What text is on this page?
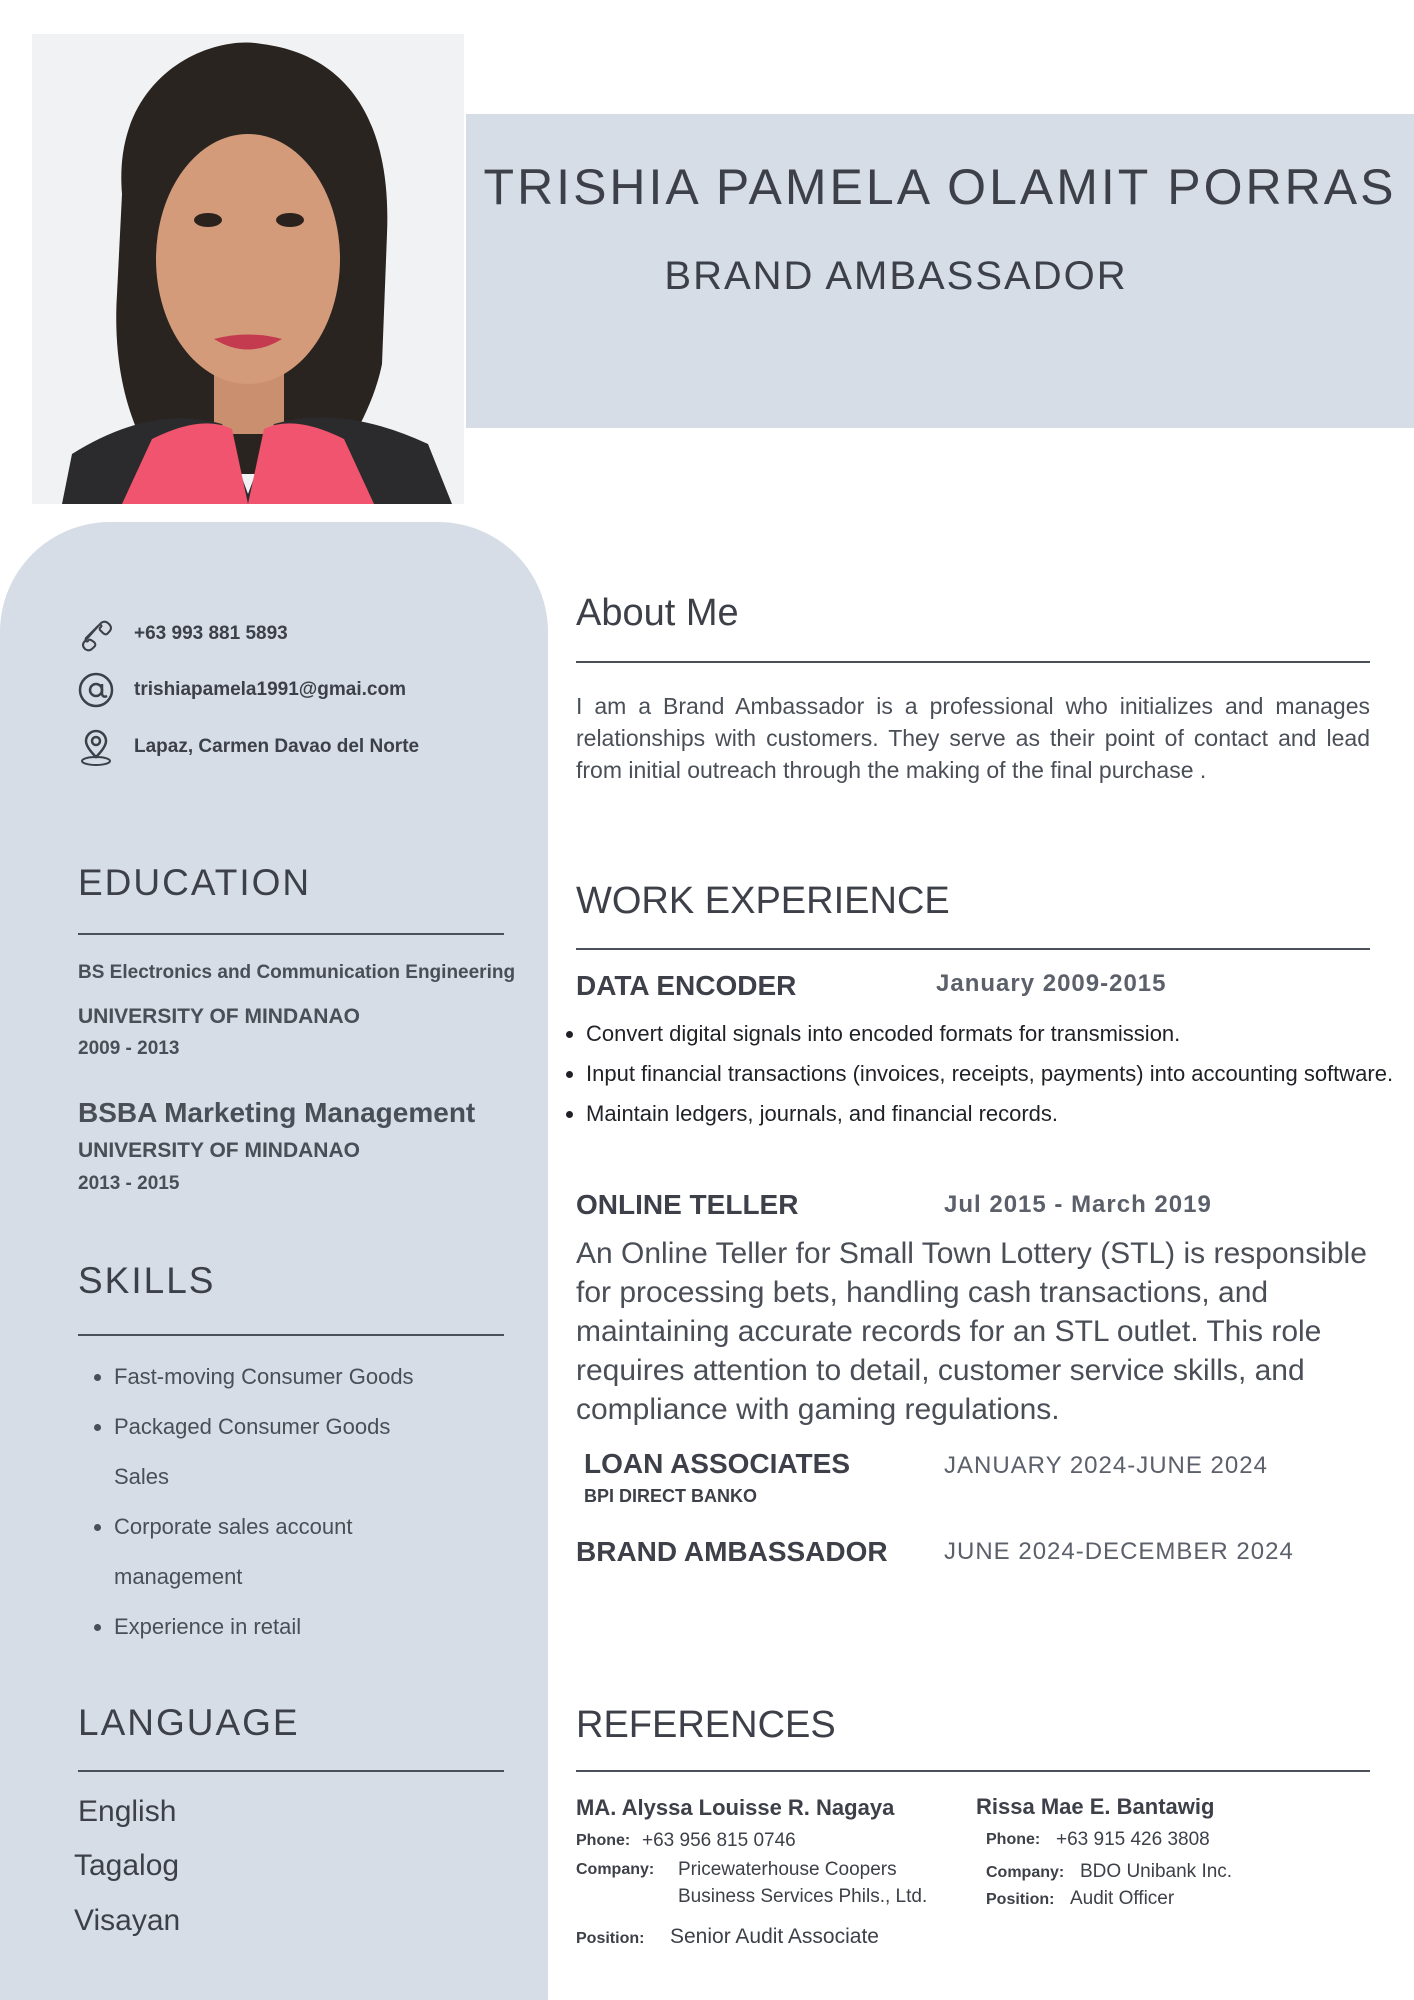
TRISHIA PAMELA OLAMIT PORRAS
BRAND AMBASSADOR
+63 993 881 5893
trishiapamela1991@gmai.com
Lapaz, Carmen Davao del Norte
EDUCATION
BS Electronics and Communication Engineering
UNIVERSITY OF MINDANAO
2009 - 2013
BSBA Marketing Management
UNIVERSITY OF MINDANAO
2013 - 2015
SKILLS
• Fast-moving Consumer Goods
• Packaged Consumer Goods Sales
• Corporate sales account management
• Experience in retail
LANGUAGE
English
Tagalog
Visayan
About Me
I am a Brand Ambassador is a professional who initializes and manages relationships with customers. They serve as their point of contact and lead from initial outreach through the making of the final purchase .
WORK EXPERIENCE
DATA ENCODER	January 2009-2015
• Convert digital signals into encoded formats for transmission.
• Input financial transactions (invoices, receipts, payments) into accounting software.
• Maintain ledgers, journals, and financial records.
ONLINE TELLER	Jul 2015 - March 2019
An Online Teller for Small Town Lottery (STL) is responsible for processing bets, handling cash transactions, and maintaining accurate records for an STL outlet. This role requires attention to detail, customer service skills, and compliance with gaming regulations.
LOAN ASSOCIATES
BPI DIRECT BANKO
JANUARY 2024-JUNE 2024
BRAND AMBASSADOR JUNE 2024-DECEMBER 2024
REFERENCES
MA. Alyssa Louisse R. Nagaya
Phone: +63 956 815 0746
Company: Pricewaterhouse Coopers
Business Services Phils., Ltd.
Position: Senior Audit Associate
Rissa Mae E. Bantawig
Phone: +63 915 426 3808
Company: BDO Unibank Inc.
Position: Audit Officer
